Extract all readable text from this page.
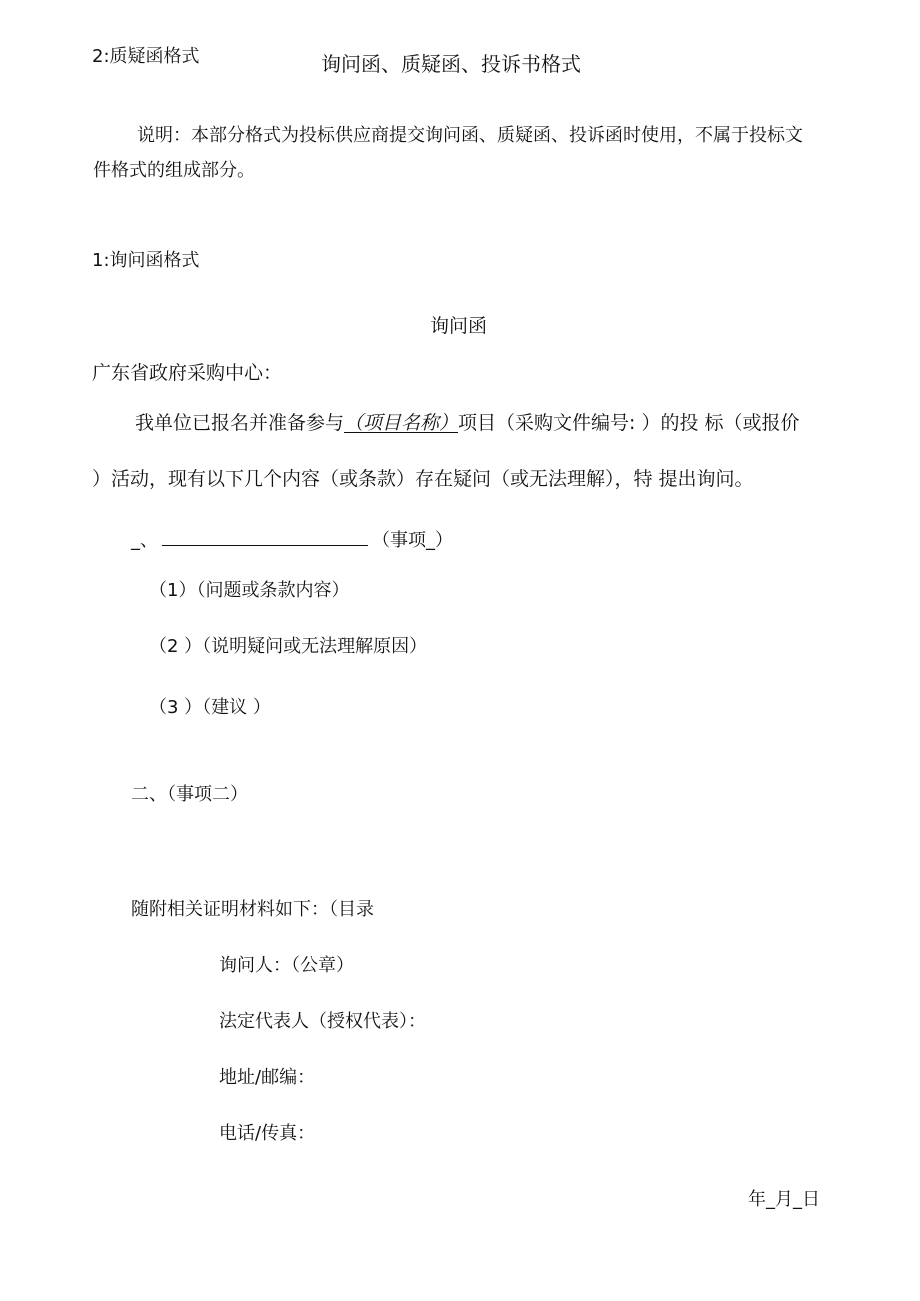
2:质疑函格式	询问函、质疑函、投诉书格式
说明：本部分格式为投标供应商提交询问函、质疑函、投诉函时使用，不属于投标文
件格式的组成部分。
1:询问函格式
询问函
广东省政府采购中心：
我单位已报名并准备参与（项目名称）项目（采购文件编号: ）的投 标（或报价
）活动，现有以下几个内容（或条款）存在疑问（或无法理解），特 提出询问。
_、	（事项_）
（1）（问题或条款内容）
（2 ）（说明疑问或无法理解原因）
（3 ）（建议 ）
二、（事项二）
随附相关证明材料如下：（目录
询问人：（公章）
法定代表人（授权代表）：
地址/邮编：
电话/传真：
年_月_日
